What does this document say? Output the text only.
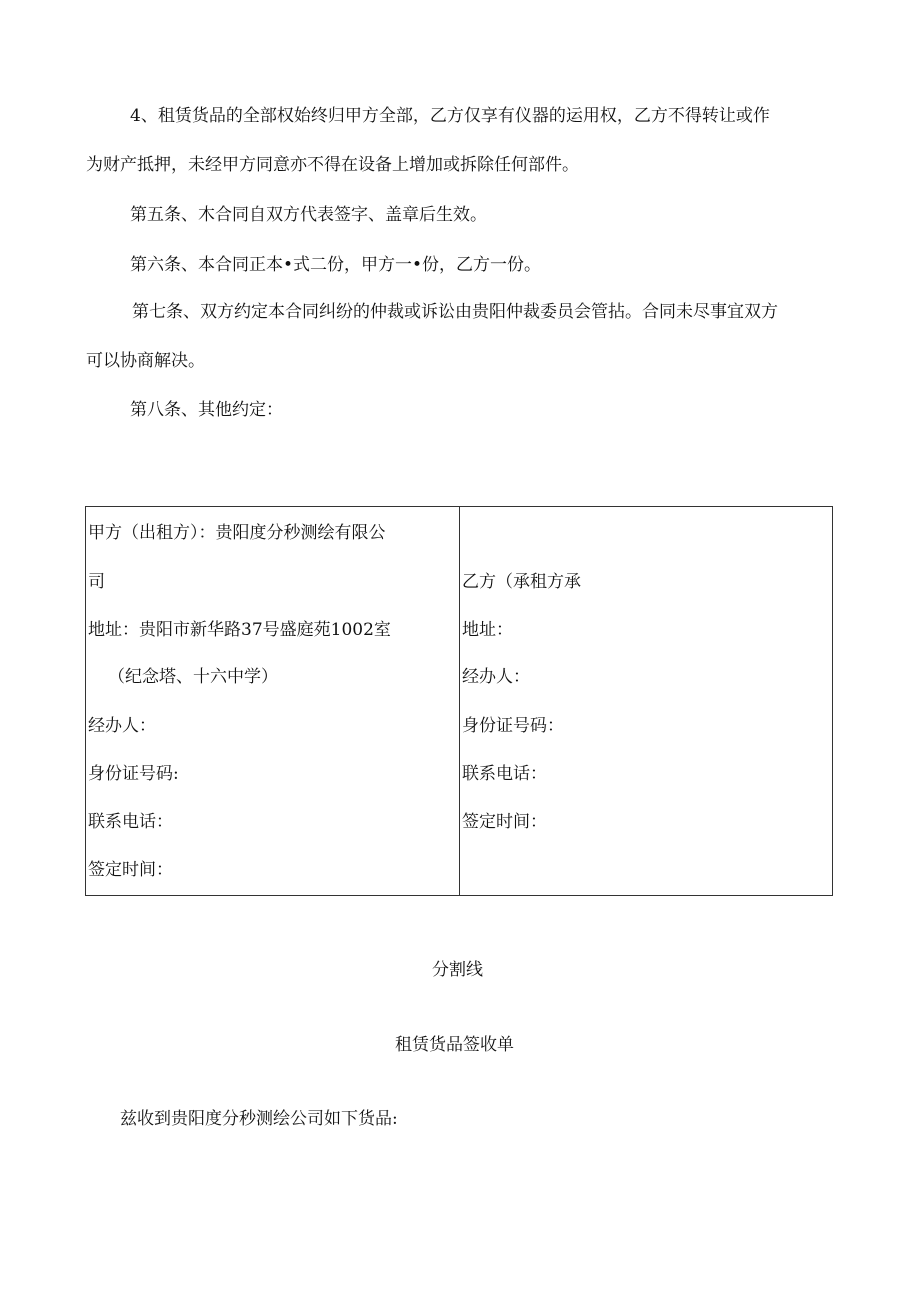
4、租赁货品的全部权始终归甲方全部，乙方仅享有仪器的运用权，乙方不得转让或作
为财产抵押，未经甲方同意亦不得在设备上增加或拆除任何部件。
第五条、木合同自双方代表签字、盖章后生效。
第六条、本合同正本•式二份，甲方一•份，乙方一份。
第七条、双方约定本合同纠纷的仲裁或诉讼由贵阳仲裁委员会管拈。合同未尽事宜双方
可以协商解决。
第八条、其他约定：
甲方（出租方）：贵阳度分秒测绘有限公
司
地址：贵阳市新华路37号盛庭苑1002室
（纪念塔、十六中学）
经办人：
身份证号码:
联系电话：
签定时间：
乙方（承租方承
地址：
经办人：
身份证号码：
联系电话：
签定时间：
分割线
租赁货品签收单
兹收到贵阳度分秒测绘公司如下货品:
